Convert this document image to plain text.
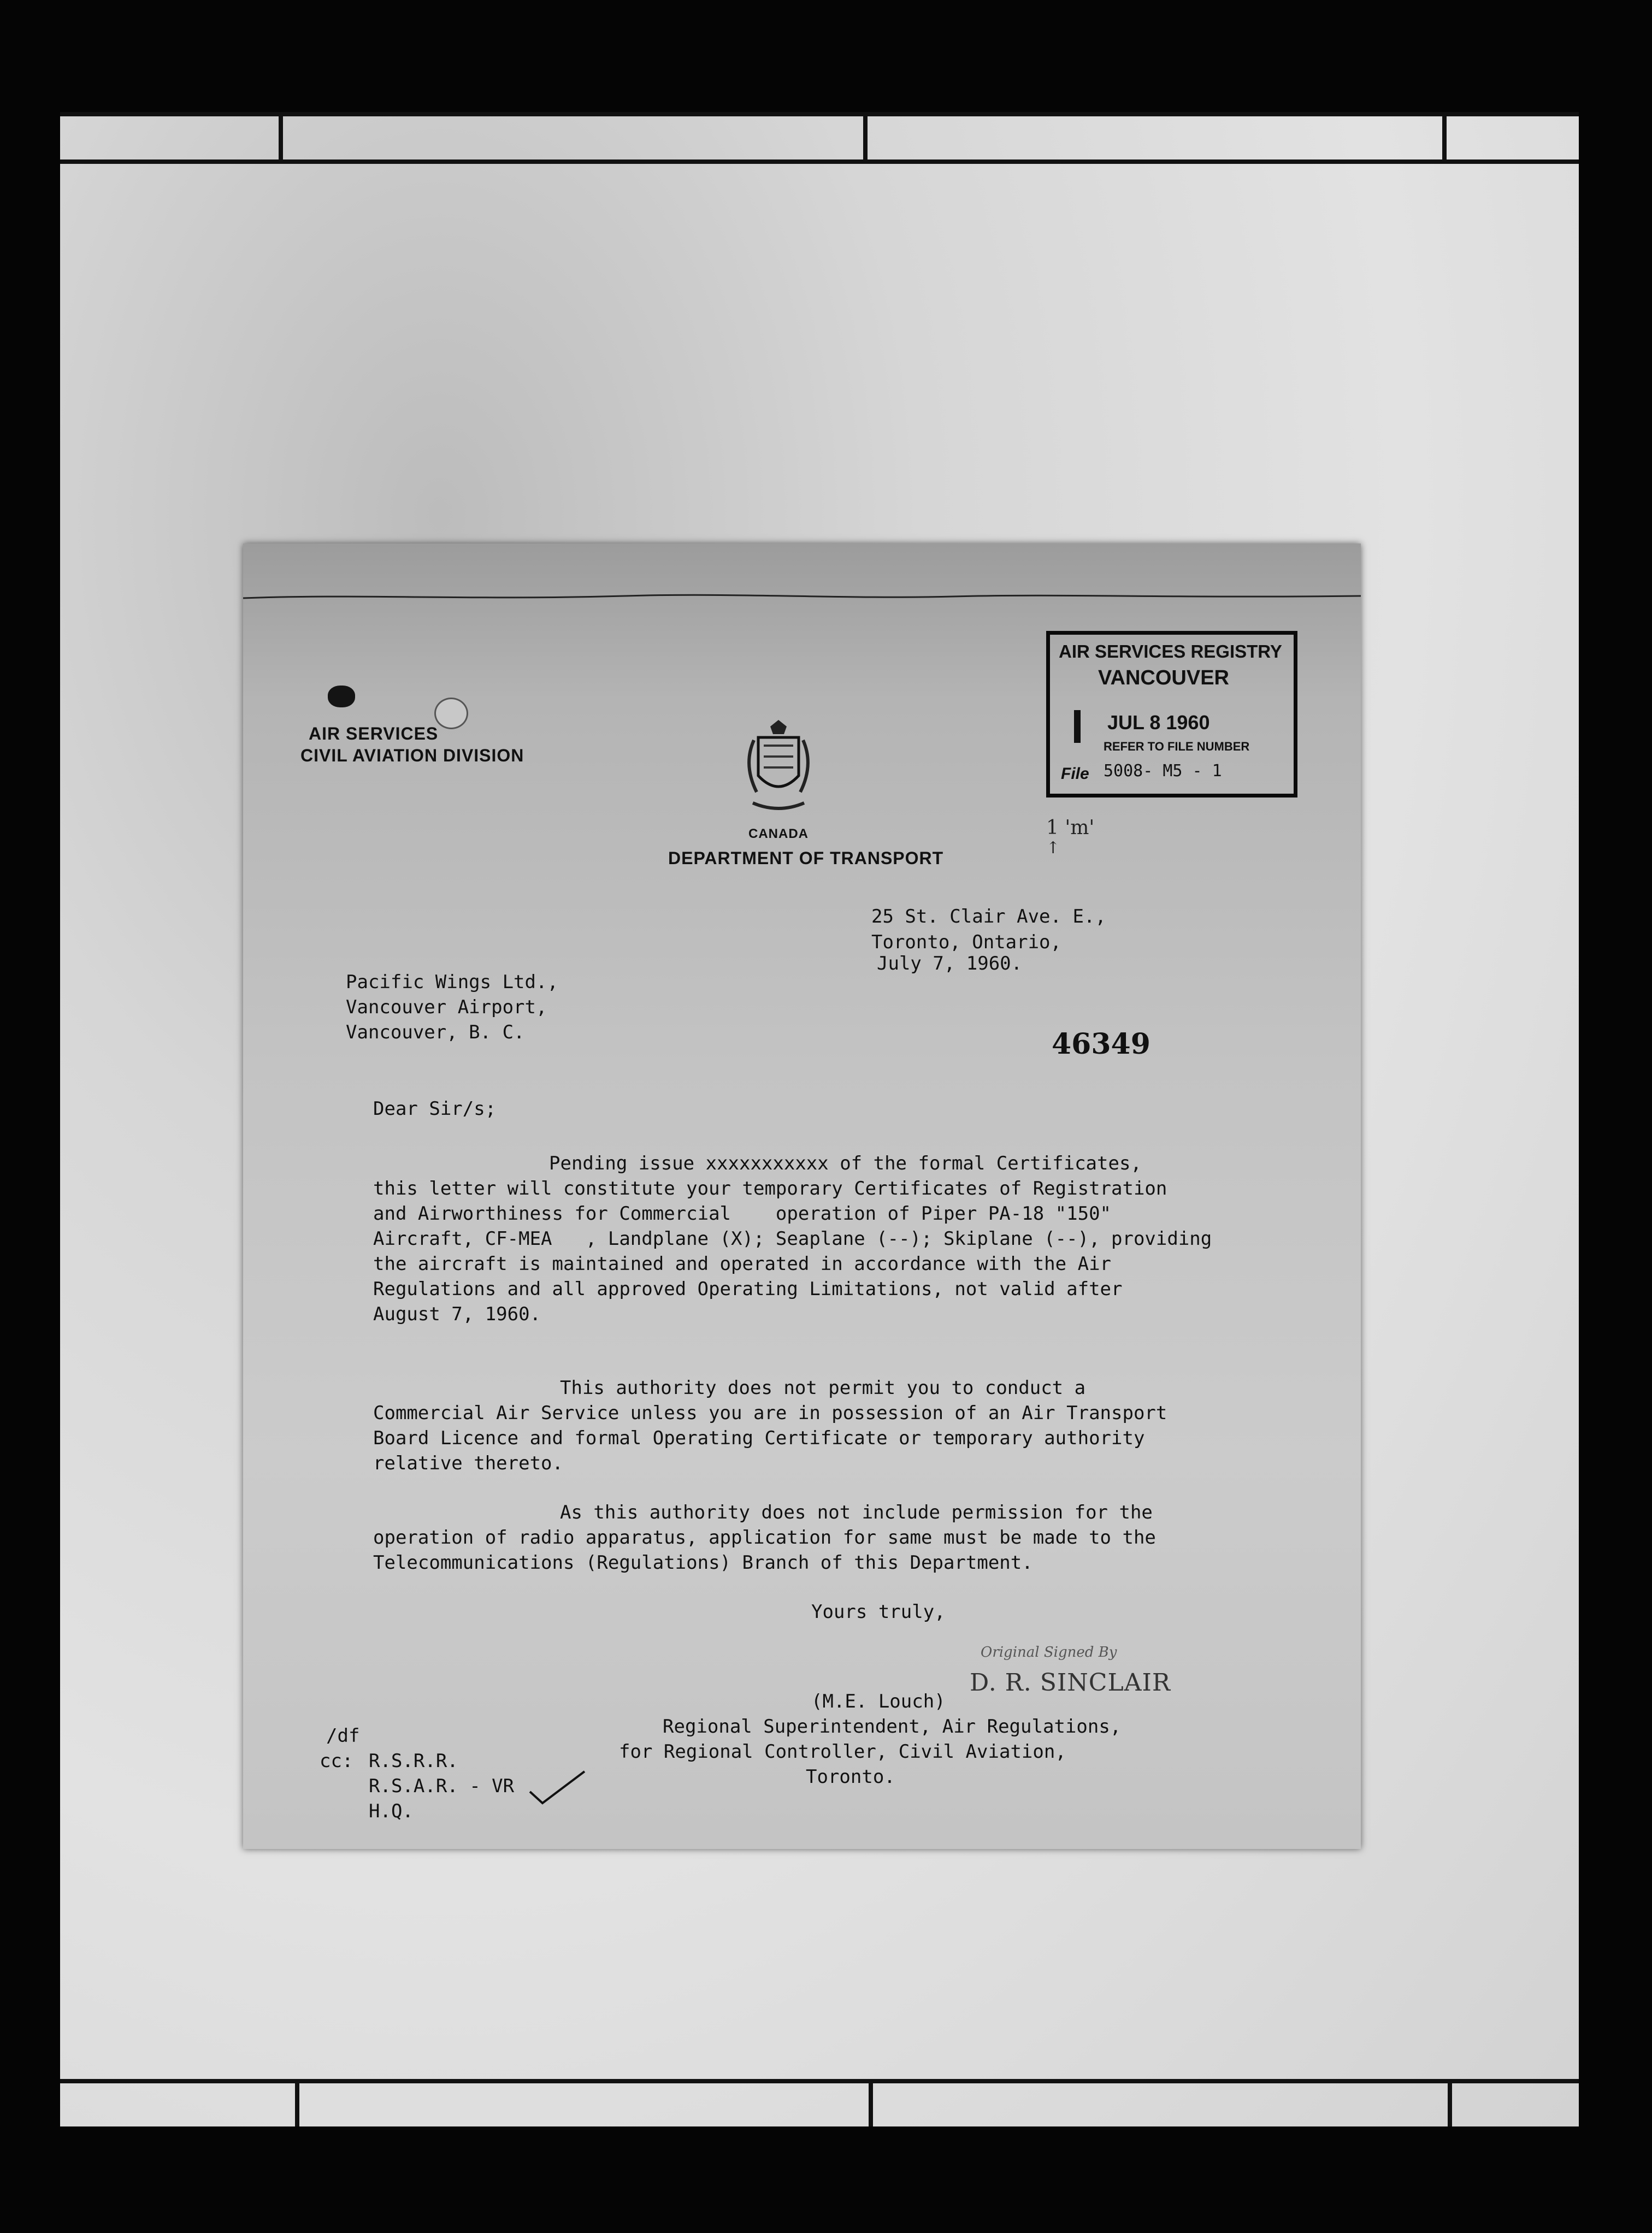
AIR SERVICES
CIVIL AVIATION DIVISION
CANADA
DEPARTMENT OF TRANSPORT
AIR SERVICES REGISTRY
VANCOUVER
JUL 8 1960
REFER TO FILE NUMBER
File 5008- M5 - 1
1 'm'
↑
25 St. Clair Ave. E.,
Toronto, Ontario,
July 7, 1960.
Pacific Wings Ltd.,
Vancouver Airport,
Vancouver, B. C.	46349
Dear Sir/s;
Pending issue xxxxxxxxxxx of the formal Certificates,
this letter will constitute your temporary Certificates of Registration
and Airworthiness for Commercial    operation of Piper PA-18 "150"
Aircraft, CF-MEA   , Landplane (X); Seaplane (--); Skiplane (--), providing
the aircraft is maintained and operated in accordance with the Air
Regulations and all approved Operating Limitations, not valid after
August 7, 1960.
This authority does not permit you to conduct a
Commercial Air Service unless you are in possession of an Air Transport
Board Licence and formal Operating Certificate or temporary authority
relative thereto.
As this authority does not include permission for the
operation of radio apparatus, application for same must be made to the
Telecommunications (Regulations) Branch of this Department.
Yours truly,
Original Signed By
D. R. SINCLAIR
(M.E. Louch)
Regional Superintendent, Air Regulations,
for Regional Controller, Civil Aviation,
Toronto.
/df
cc: R.S.R.R.
R.S.A.R. - VR
H.Q.
